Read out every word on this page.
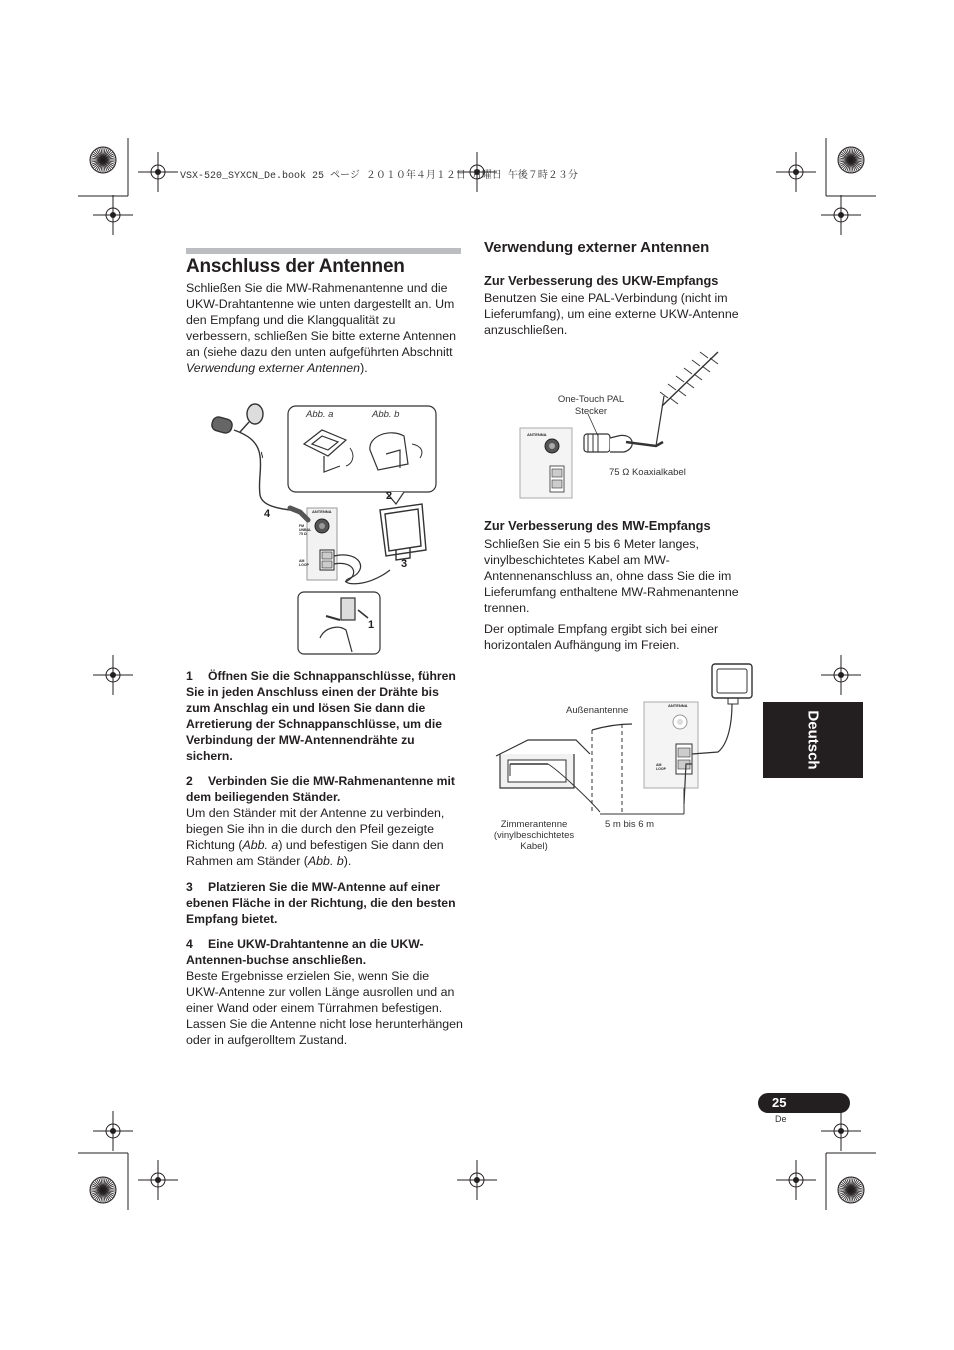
VSX-520_SYXCN_De.book 25 ページ ２０１０年４月１２日 月曜日 午後７時２３分
Anschluss der Antennen
Schließen Sie die MW-Rahmenantenne und die UKW-Drahtantenne wie unten dargestellt an. Um den Empfang und die Klangqualität zu verbessern, schließen Sie bitte externe Antennen an (siehe dazu den unten aufgeführten Abschnitt Verwendung externer Antennen).
Abb. a	Abb. b
2
4
3
1
ANTENNA
FM
UNBAL
75 Ω
AM
LOOP
1 Öffnen Sie die Schnappanschlüsse, führen Sie in jeden Anschluss einen der Drähte bis zum Anschlag ein und lösen Sie dann die Arretierung der Schnappanschlüsse, um die Verbindung der MW-Antennendrähte zu sichern.
2 Verbinden Sie die MW-Rahmenantenne mit dem beiliegenden Ständer.
Um den Ständer mit der Antenne zu verbinden, biegen Sie ihn in die durch den Pfeil gezeigte Richtung (Abb. a) und befestigen Sie dann den Rahmen am Ständer (Abb. b).
3 Platzieren Sie die MW-Antenne auf einer ebenen Fläche in der Richtung, die den besten Empfang bietet.
4 Eine UKW-Drahtantenne an die UKW-Antennen-buchse anschließen.
Beste Ergebnisse erzielen Sie, wenn Sie die UKW-Antenne zur vollen Länge ausrollen und an einer Wand oder einem Türrahmen befestigen. Lassen Sie die Antenne nicht lose herunterhängen oder in aufgerolltem Zustand.
Verwendung externer Antennen
Zur Verbesserung des UKW-Empfangs
Benutzen Sie eine PAL-Verbindung (nicht im Lieferumfang), um eine externe UKW-Antenne anzuschließen.
One-Touch PAL
Stecker
75 Ω Koaxialkabel
ANTENNA
Zur Verbesserung des MW-Empfangs
Schließen Sie ein 5 bis 6 Meter langes, vinylbeschichtetes Kabel am MW-Antennenanschluss an, ohne dass Sie die im Lieferumfang enthaltene MW-Rahmenantenne trennen.
Der optimale Empfang ergibt sich bei einer horizontalen Aufhängung im Freien.
Außenantenne
Zimmerantenne
(vinylbeschichtetes
Kabel)
5 m bis 6 m
ANTENNA
AM
LOOP	Deutsch
25
De
